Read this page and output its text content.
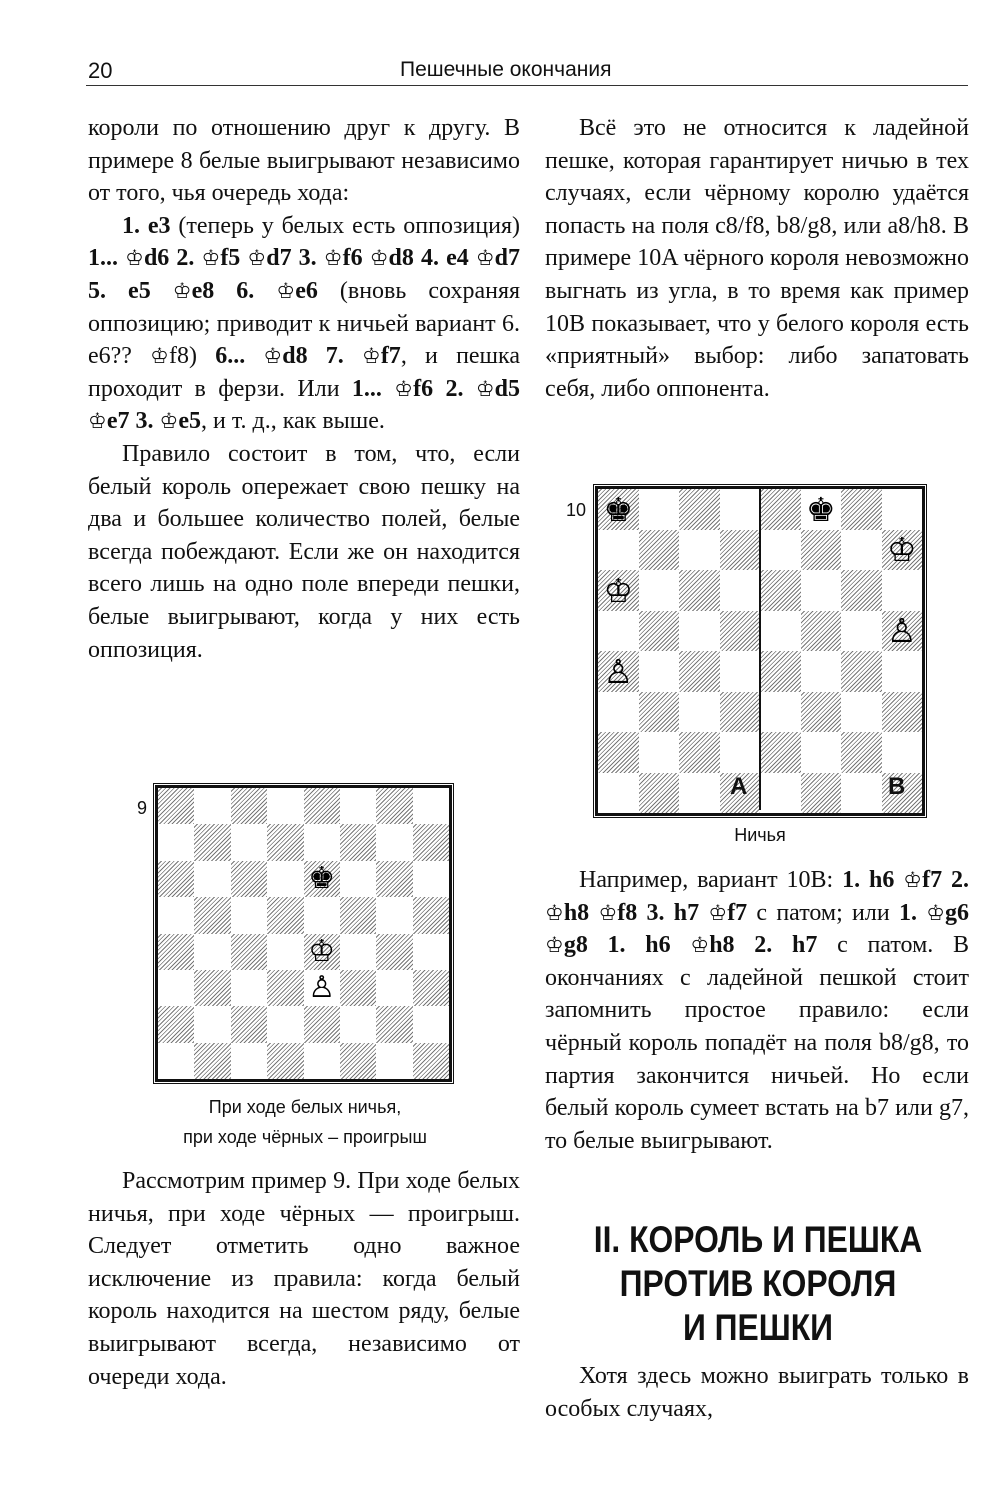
20	Пешечные окончания

короли по отношению друг к другу. В примере 8 белые выигрывают независимо от того, чья очередь хода:

1. e3 (теперь у белых есть оппозиция) 1... ♔d6 2. ♔f5 ♔d7 3. ♔f6 ♔d8 4. e4 ♔d7 5. e5 ♔e8 6. ♔e6 (вновь сохраняя оппозицию; приводит к ничьей вариант 6. e6?? ♔f8) 6... ♔d8 7. ♔f7, и пешка проходит в ферзи. Или 1... ♔f6 2. ♔d5 ♔e7 3. ♔e5, и т. д., как выше.

Правило состоит в том, что, если белый король опережает свою пешку на два и большее количество полей, белые всегда побеждают. Если же он находится всего лишь на одно поле впереди пешки, белые выигрывают, когда у них есть оппозиция.

9
♚
♔
♙
При ходе белых ничья,
при ходе чёрных – проигрыш

Рассмотрим пример 9. При ходе белых ничья, при ходе чёрных — проигрыш. Следует отметить одно важное исключение из правила: когда белый король находится на шестом ряду, белые выигрывают всегда, независимо от очереди хода.

Всё это не относится к ладейной пешке, которая гарантирует ничью в тех случаях, если чёрному королю удаётся попасть на поля c8/f8, b8/g8, или a8/h8. В примере 10A чёрного короля невозможно выгнать из угла, в то время как пример 10B показывает, что у белого короля есть «приятный» выбор: либо запатовать себя, либо оппонента.

10 ♚	♚
♔
♔
♙
♙
A	B
Ничья

Например, вариант 10B: 1. h6 ♔f7 2. ♔h8 ♔f8 3. h7 ♔f7 с патом; или 1. ♔g6 ♔g8 1. h6 ♔h8 2. h7 с патом. В окончаниях с ладейной пешкой стоит запомнить простое правило: если чёрный король попадёт на поля b8/g8, то партия закончится ничьей. Но если белый король сумеет встать на b7 или g7, то белые выигрывают.

II. КОРОЛЬ И ПЕШКА
ПРОТИВ КОРОЛЯ
И ПЕШКИ

Хотя здесь можно выиграть только в особых случаях,
